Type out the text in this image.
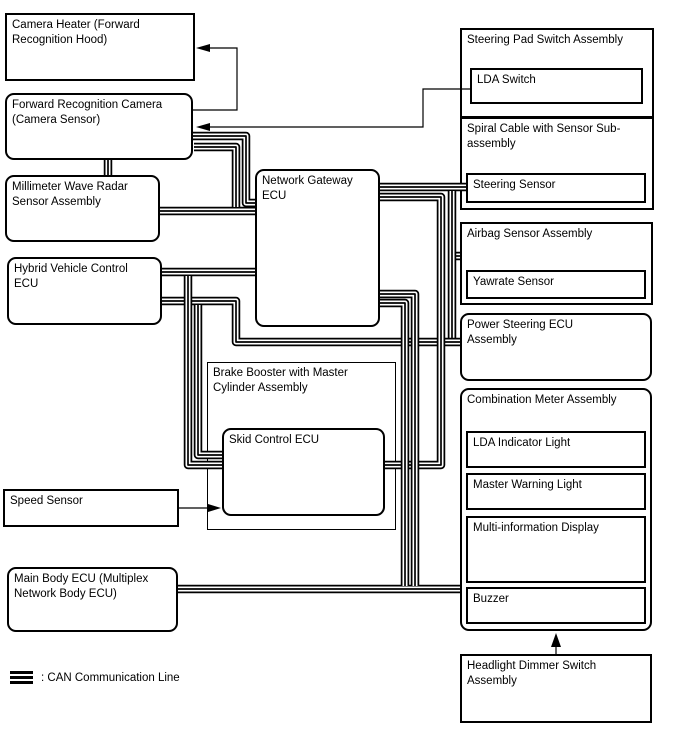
Camera Heater (Forward Recognition Hood)
Forward Recognition Camera (Camera Sensor)
Millimeter Wave Radar Sensor Assembly
Hybrid Vehicle Control ECU
Network Gateway ECU
Steering Pad Switch Assembly
LDA Switch
Spiral Cable with Sensor Sub-assembly
Steering Sensor
Airbag Sensor Assembly
Yawrate Sensor
Power Steering ECU Assembly
Combination Meter Assembly
LDA Indicator Light
Master Warning Light
Multi-information Display
Buzzer
Brake Booster with Master Cylinder Assembly
Skid Control ECU
Speed Sensor
Main Body ECU (Multiplex Network Body ECU)
Headlight Dimmer Switch Assembly
: CAN Communication Line
